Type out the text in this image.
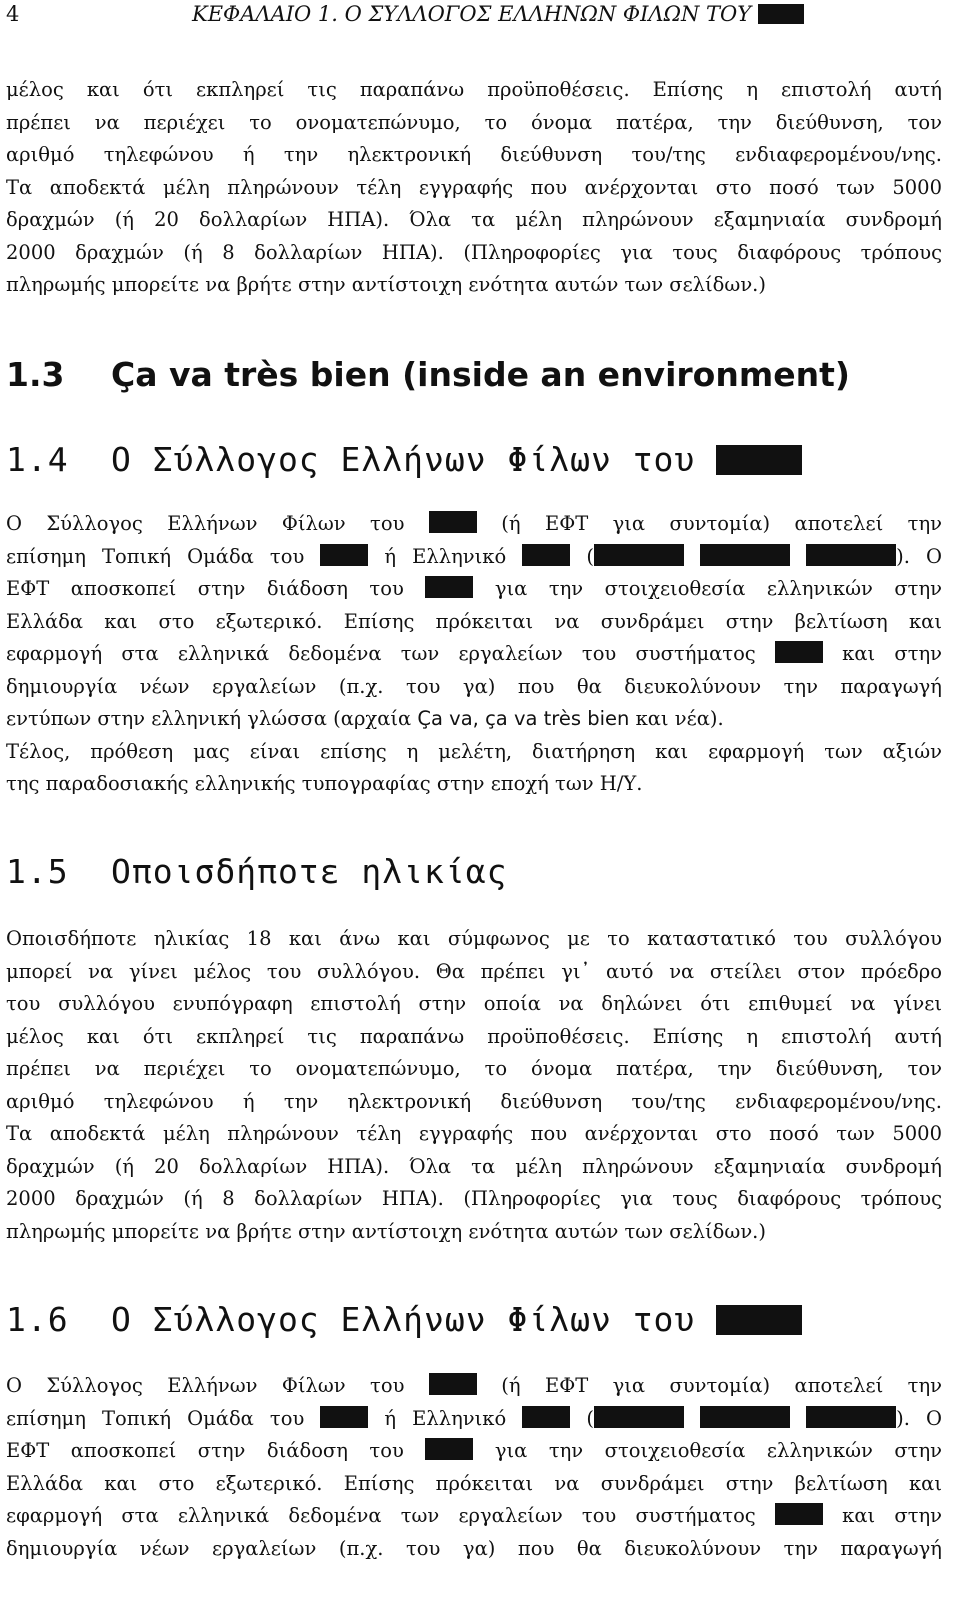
4	ΚΕΦΑΛΑΙΟ 1. Ο ΣΥΛΛΟΓΟΣ ΕΛΛΗΝΩΝ ΦΙΛΩΝ ΤΟΥ
μέλος και ότι εκπληρεί τις παραπάνω προϋποθέσεις. Επίσης η επιστολή αυτή
πρέπει να περιέχει το ονοματεπώνυμο, το όνομα πατέρα, την διεύθυνση, τον
αριθμό τηλεφώνου ή την ηλεκτρονική διεύθυνση του/της ενδιαφερομένου/νης.
Τα αποδεκτά μέλη πληρώνουν τέλη εγγραφής που ανέρχονται στο ποσό των 5000
δραχμών (ή 20 δολλαρίων ΗΠΑ). Όλα τα μέλη πληρώνουν εξαμηνιαία συνδρομή
2000 δραχμών (ή 8 δολλαρίων ΗΠΑ). (Πληροφορίες για τους διαφόρους τρόπους
πληρωμής μπορείτε να βρήτε στην αντίστοιχη ενότητα αυτών των σελίδων.)
1.3 Ça va très bien (inside an environment)
1.4 Ο Σύλλογος Ελλήνων Φίλων του
Ο Σύλλογος Ελλήνων Φίλων του	(ή ΕΦΤ για συντομία) αποτελεί την
επίσημη Τοπική Ομάδα του	ή Ελληνικό	(	). Ο
ΕΦΤ αποσκοπεί στην διάδοση του	για την στοιχειοθεσία ελληνικών στην
Ελλάδα και στο εξωτερικό. Επίσης πρόκειται να συνδράμει στην βελτίωση και
εφαρμογή στα ελληνικά δεδομένα των εργαλείων του συστήματος	και στην
δημιουργία νέων εργαλείων (π.χ. του γα) που θα διευκολύνουν την παραγωγή
εντύπων στην ελληνική γλώσσα (αρχαία Ça va, ça va très bien και νέα).
Τέλος, πρόθεση μας είναι επίσης η μελέτη, διατήρηση και εφαρμογή των αξιών
της παραδοσιακής ελληνικής τυπογραφίας στην εποχή των Η/Υ.
1.5 Οποισδήποτε ηλικίας
Οποισδήποτε ηλικίας 18 και άνω και σύμφωνος με το καταστατικό του συλλόγου
μπορεί να γίνει μέλος του συλλόγου. Θα πρέπει γι᾽ αυτό να στείλει στον πρόεδρο
του συλλόγου ενυπόγραφη επιστολή στην οποία να δηλώνει ότι επιθυμεί να γίνει
μέλος και ότι εκπληρεί τις παραπάνω προϋποθέσεις. Επίσης η επιστολή αυτή
πρέπει να περιέχει το ονοματεπώνυμο, το όνομα πατέρα, την διεύθυνση, τον
αριθμό τηλεφώνου ή την ηλεκτρονική διεύθυνση του/της ενδιαφερομένου/νης.
Τα αποδεκτά μέλη πληρώνουν τέλη εγγραφής που ανέρχονται στο ποσό των 5000
δραχμών (ή 20 δολλαρίων ΗΠΑ). Όλα τα μέλη πληρώνουν εξαμηνιαία συνδρομή
2000 δραχμών (ή 8 δολλαρίων ΗΠΑ). (Πληροφορίες για τους διαφόρους τρόπους
πληρωμής μπορείτε να βρήτε στην αντίστοιχη ενότητα αυτών των σελίδων.)
1.6 Ο Σύλλογος Ελλήνων Φίλων του
Ο Σύλλογος Ελλήνων Φίλων του	(ή ΕΦΤ για συντομία) αποτελεί την
επίσημη Τοπική Ομάδα του	ή Ελληνικό	(	). Ο
ΕΦΤ αποσκοπεί στην διάδοση του	για την στοιχειοθεσία ελληνικών στην
Ελλάδα και στο εξωτερικό. Επίσης πρόκειται να συνδράμει στην βελτίωση και
εφαρμογή στα ελληνικά δεδομένα των εργαλείων του συστήματος	και στην
δημιουργία νέων εργαλείων (π.χ. του γα) που θα διευκολύνουν την παραγωγή
